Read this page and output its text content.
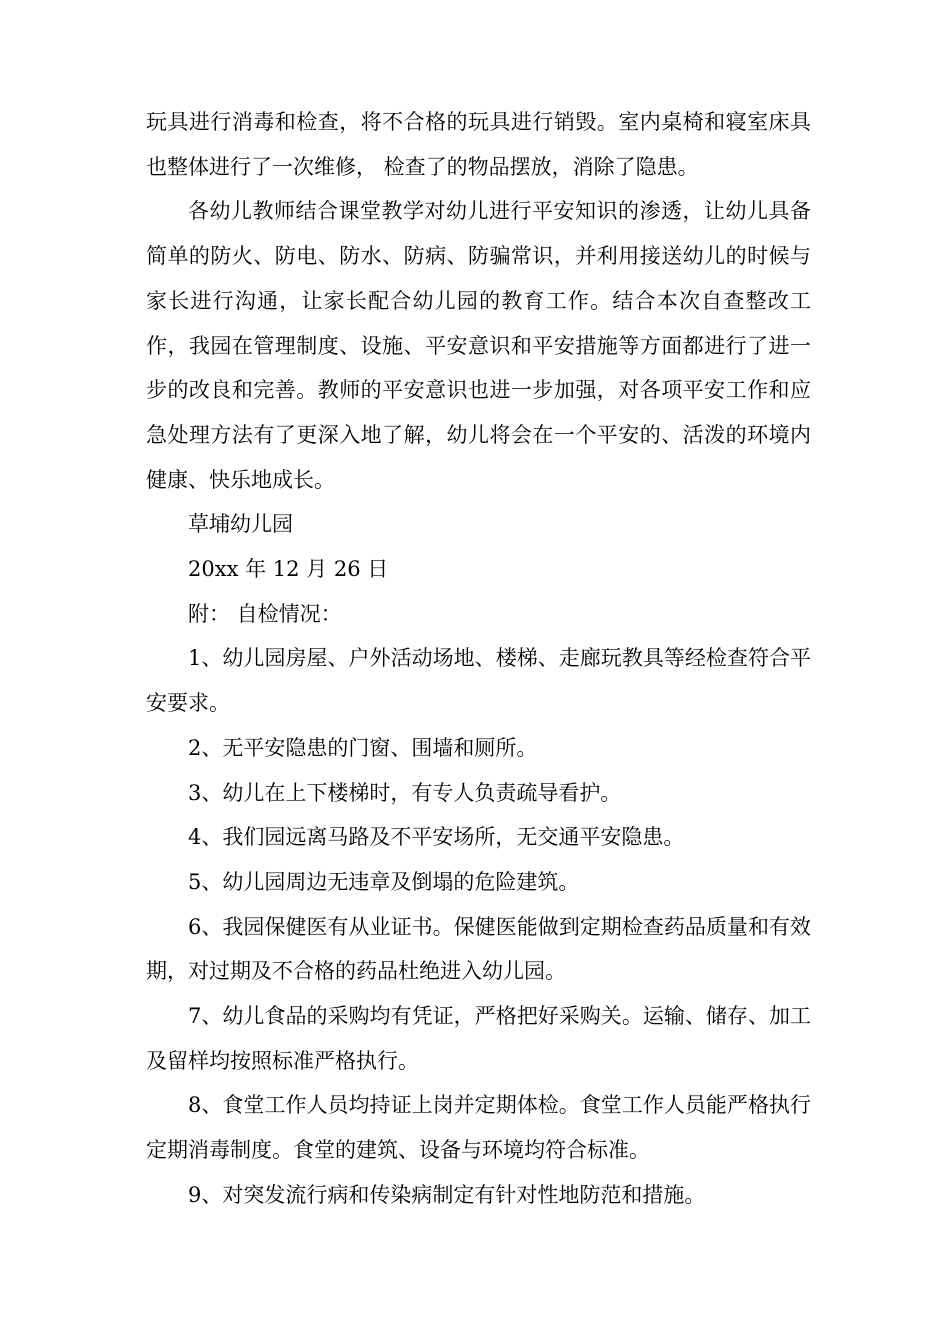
玩具进行消毒和检查，将不合格的玩具进行销毁。室内桌椅和寝室床具也整体进行了一次维修， 检查了的物品摆放，消除了隐患。

各幼儿教师结合课堂教学对幼儿进行平安知识的渗透，让幼儿具备简单的防火、防电、防水、防病、防骗常识，并利用接送幼儿的时候与家长进行沟通，让家长配合幼儿园的教育工作。结合本次自查整改工作，我园在管理制度、设施、平安意识和平安措施等方面都进行了进一步的改良和完善。教师的平安意识也进一步加强，对各项平安工作和应急处理方法有了更深入地了解，幼儿将会在一个平安的、活泼的环境内健康、快乐地成长。

草埔幼儿园

20xx 年 12 月 26 日

附： 自检情况：

1、幼儿园房屋、户外活动场地、楼梯、走廊玩教具等经检查符合平安要求。

2、无平安隐患的门窗、围墙和厕所。

3、幼儿在上下楼梯时，有专人负责疏导看护。

4、我们园远离马路及不平安场所，无交通平安隐患。

5、幼儿园周边无违章及倒塌的危险建筑。

6、我园保健医有从业证书。保健医能做到定期检查药品质量和有效期，对过期及不合格的药品杜绝进入幼儿园。

7、幼儿食品的采购均有凭证，严格把好采购关。运输、储存、加工及留样均按照标准严格执行。

8、食堂工作人员均持证上岗并定期体检。食堂工作人员能严格执行定期消毒制度。食堂的建筑、设备与环境均符合标准。

9、对突发流行病和传染病制定有针对性地防范和措施。
